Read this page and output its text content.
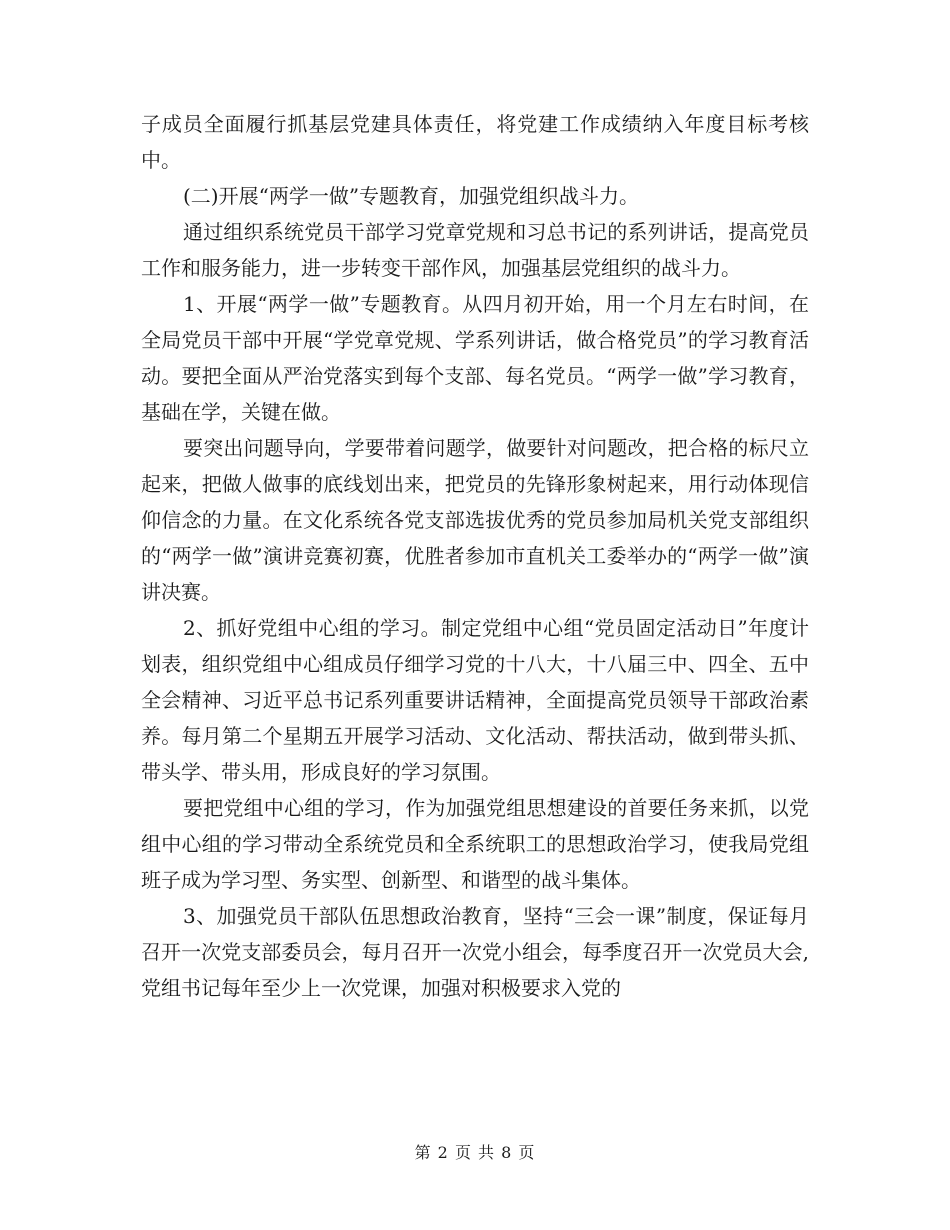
子成员全面履行抓基层党建具体责任，将党建工作成绩纳入年度目标考核中。

(二)开展“两学一做”专题教育，加强党组织战斗力。

通过组织系统党员干部学习党章党规和习总书记的系列讲话，提高党员工作和服务能力，进一步转变干部作风，加强基层党组织的战斗力。

1、开展“两学一做”专题教育。从四月初开始，用一个月左右时间，在全局党员干部中开展“学党章党规、学系列讲话，做合格党员”的学习教育活动。要把全面从严治党落实到每个支部、每名党员。“两学一做”学习教育，基础在学，关键在做。

要突出问题导向，学要带着问题学，做要针对问题改，把合格的标尺立起来，把做人做事的底线划出来，把党员的先锋形象树起来，用行动体现信仰信念的力量。在文化系统各党支部选拔优秀的党员参加局机关党支部组织的“两学一做”演讲竞赛初赛，优胜者参加市直机关工委举办的“两学一做”演讲决赛。

2、抓好党组中心组的学习。制定党组中心组“党员固定活动日”年度计划表，组织党组中心组成员仔细学习党的十八大，十八届三中、四全、五中全会精神、习近平总书记系列重要讲话精神，全面提高党员领导干部政治素养。每月第二个星期五开展学习活动、文化活动、帮扶活动，做到带头抓、带头学、带头用，形成良好的学习氛围。

要把党组中心组的学习，作为加强党组思想建设的首要任务来抓，以党组中心组的学习带动全系统党员和全系统职工的思想政治学习，使我局党组班子成为学习型、务实型、创新型、和谐型的战斗集体。

3、加强党员干部队伍思想政治教育，坚持“三会一课”制度，保证每月召开一次党支部委员会，每月召开一次党小组会，每季度召开一次党员大会,党组书记每年至少上一次党课，加强对积极要求入党的

第 2 页 共 8 页
